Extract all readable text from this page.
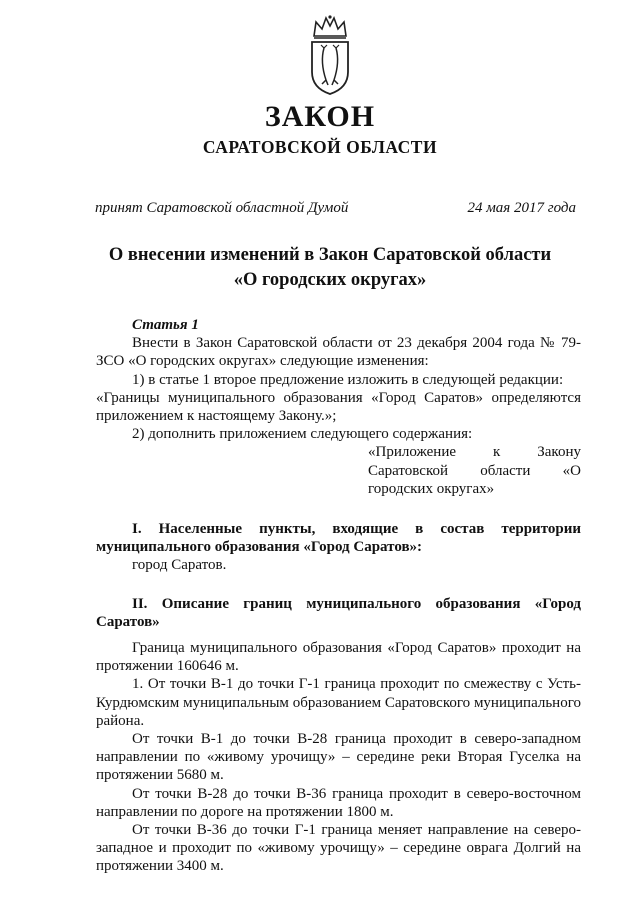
ЗАКОН
САРАТОВСКОЙ ОБЛАСТИ
принят Саратовской областной Думой	24 мая 2017 года
О внесении изменений в Закон Саратовской области
«О городских округах»

Статья 1

Внести в Закон Саратовской области от 23 декабря 2004 года № 79-ЗСО «О городских округах» следующие изменения:

1) в статье 1 второе предложение изложить в следующей редакции:

«Границы муниципального образования «Город Саратов» определяются приложением к настоящему Закону.»;

2) дополнить приложением следующего содержания:

«Приложение к Закону Саратовской области «О городских округах»

I. Населенные пункты, входящие в состав территории муниципального образования «Город Саратов»:

город Саратов.

II. Описание границ муниципального образования «Город Саратов»

Граница муниципального образования «Город Саратов» проходит на протяжении 160646 м.

1. От точки В-1 до точки Г-1 граница проходит по смежеству с Усть-Курдюмским муниципальным образованием Саратовского муниципального района.

От точки В-1 до точки В-28 граница проходит в северо-западном направлении по «живому урочищу» – середине реки Вторая Гуселка на протяжении 5680 м.

От точки В-28 до точки В-36 граница проходит в северо-восточном направлении по дороге на протяжении 1800 м.

От точки В-36 до точки Г-1 граница меняет направление на северо-западное и проходит по «живому урочищу» – середине оврага Долгий на протяжении 3400 м.
